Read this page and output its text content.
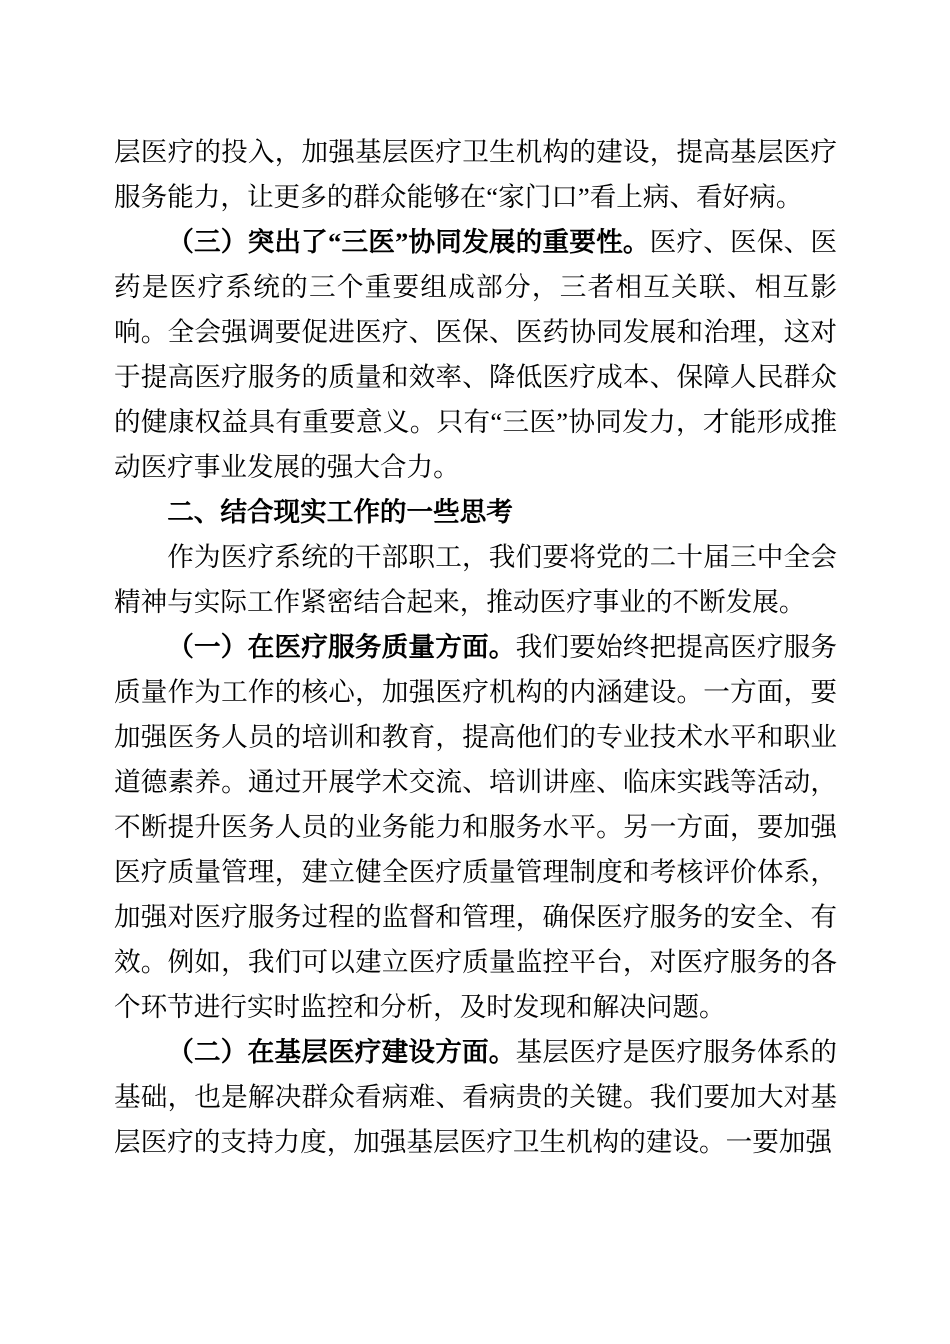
层医疗的投入，加强基层医疗卫生机构的建设，提高基层医疗服务能力，让更多的群众能够在“家门口”看上病、看好病。

（三）突出了“三医”协同发展的重要性。医疗、医保、医药是医疗系统的三个重要组成部分，三者相互关联、相互影响。全会强调要促进医疗、医保、医药协同发展和治理，这对于提高医疗服务的质量和效率、降低医疗成本、保障人民群众的健康权益具有重要意义。只有“三医”协同发力，才能形成推动医疗事业发展的强大合力。

二、结合现实工作的一些思考

作为医疗系统的干部职工，我们要将党的二十届三中全会精神与实际工作紧密结合起来，推动医疗事业的不断发展。

（一）在医疗服务质量方面。我们要始终把提高医疗服务质量作为工作的核心，加强医疗机构的内涵建设。一方面，要加强医务人员的培训和教育，提高他们的专业技术水平和职业道德素养。通过开展学术交流、培训讲座、临床实践等活动，不断提升医务人员的业务能力和服务水平。另一方面，要加强医疗质量管理，建立健全医疗质量管理制度和考核评价体系，加强对医疗服务过程的监督和管理，确保医疗服务的安全、有效。例如，我们可以建立医疗质量监控平台，对医疗服务的各个环节进行实时监控和分析，及时发现和解决问题。

（二）在基层医疗建设方面。基层医疗是医疗服务体系的基础，也是解决群众看病难、看病贵的关键。我们要加大对基层医疗的支持力度，加强基层医疗卫生机构的建设。一要加强
